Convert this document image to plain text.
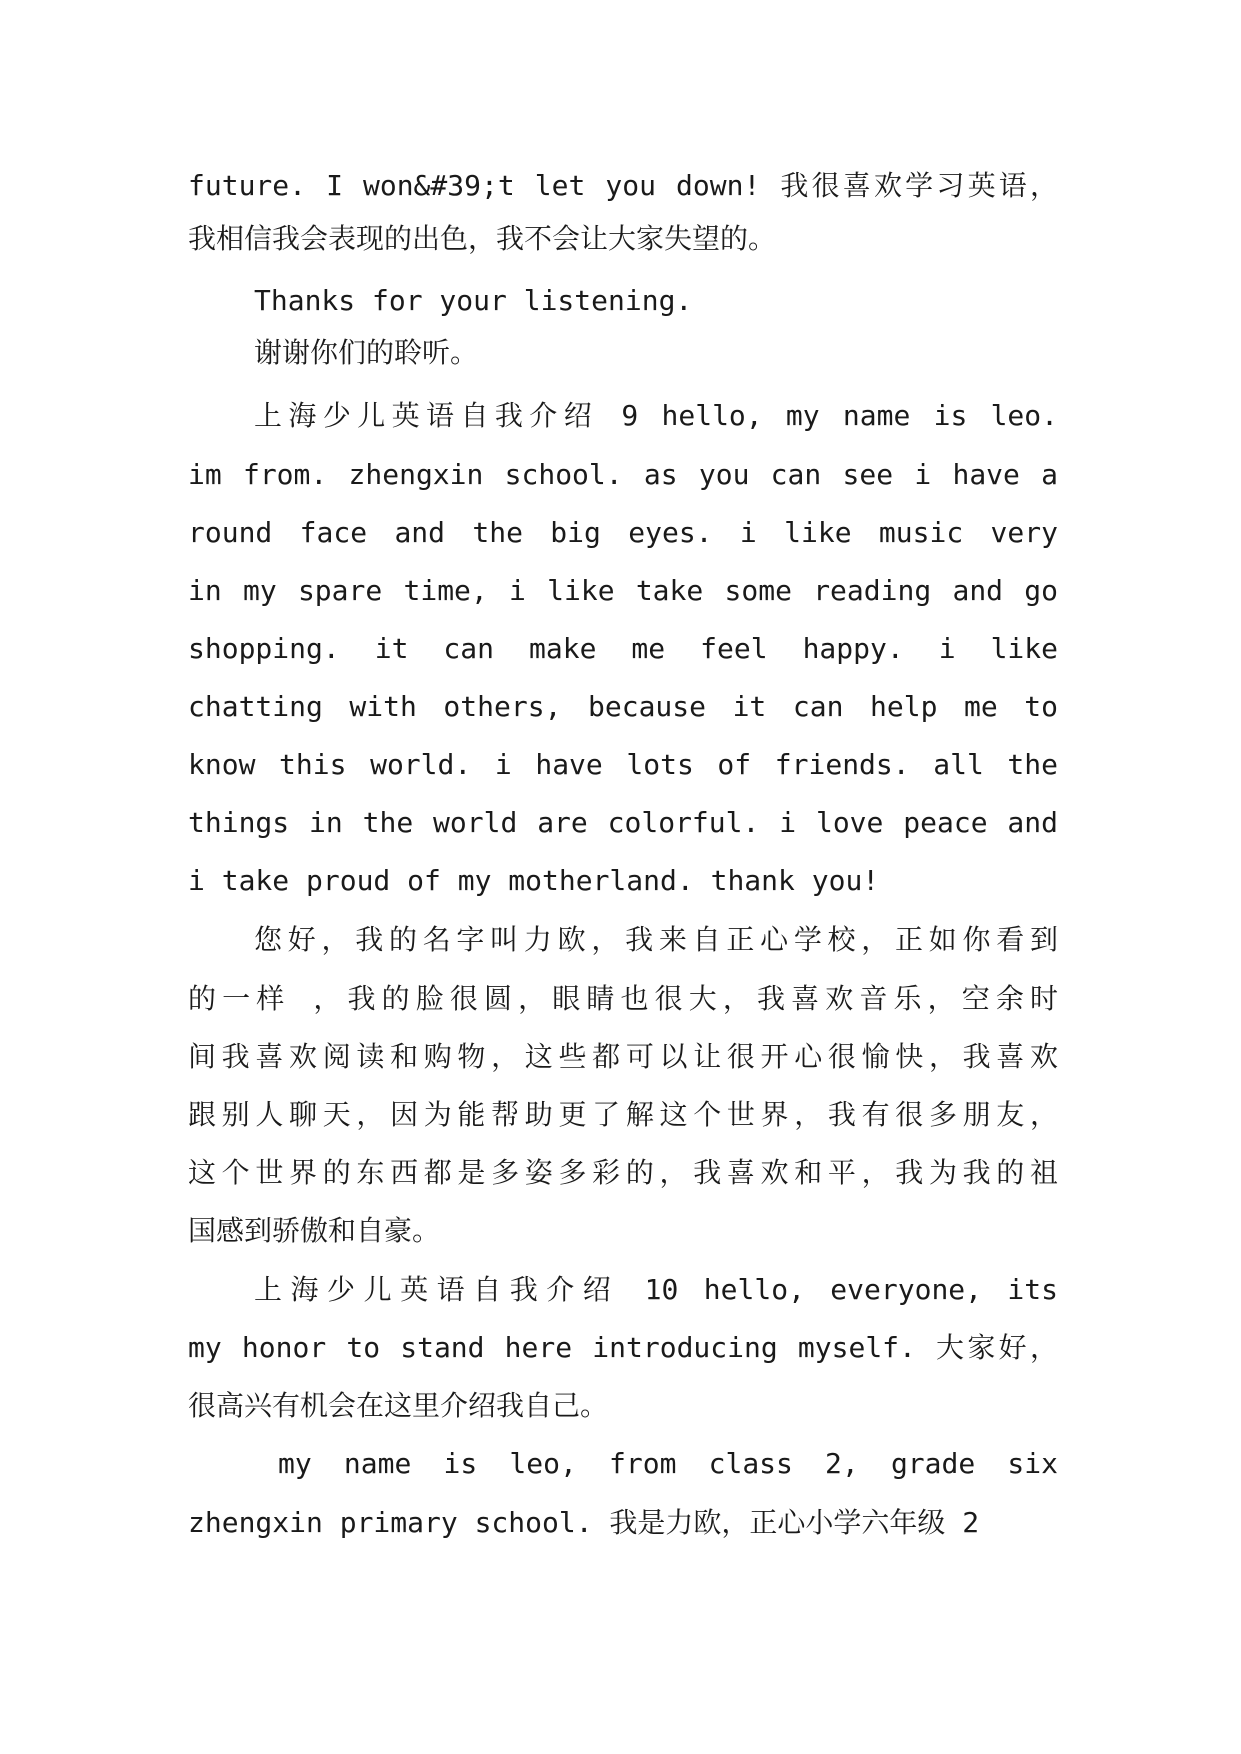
future. I won&#39;t let you down! 我很喜欢学习英语，
我相信我会表现的出色，我不会让大家失望的。
Thanks for your listening.
谢谢你们的聆听。
上海少儿英语自我介绍 9 hello, my name is leo.
im from. zhengxin school. as you can see i have a
round face and the big eyes. i like music very
in my spare time, i like take some reading and go
shopping. it can make me feel happy. i like
chatting with others, because it can help me to
know this world. i have lots of friends. all the
things in the world are colorful. i love peace and
i take proud of my motherland. thank you!
您好，我的名字叫力欧，我来自正心学校，正如你看到
的一样 ，我的脸很圆，眼睛也很大，我喜欢音乐，空余时
间我喜欢阅读和购物，这些都可以让很开心很愉快，我喜欢
跟别人聊天，因为能帮助更了解这个世界，我有很多朋友，
这个世界的东西都是多姿多彩的，我喜欢和平，我为我的祖
国感到骄傲和自豪。
上海少儿英语自我介绍 10 hello, everyone, its
my honor to stand here introducing myself. 大家好，
很高兴有机会在这里介绍我自己。
my name is leo, from class 2, grade six
zhengxin primary school. 我是力欧，正心小学六年级 2
